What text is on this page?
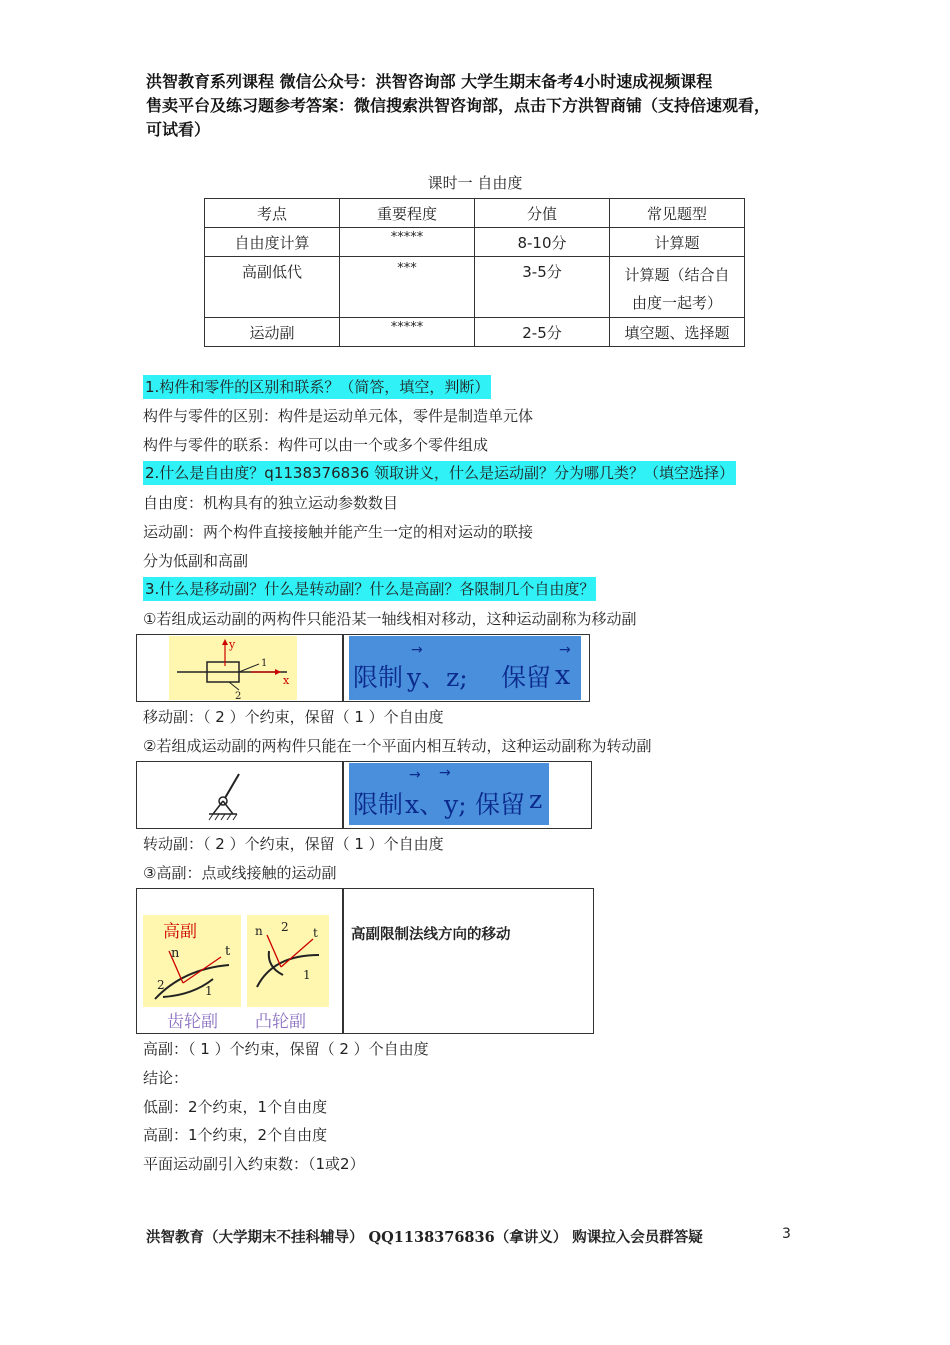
洪智教育系列课程 微信公众号：洪智咨询部 大学生期末备考4小时速成视频课程
售卖平台及练习题参考答案：微信搜索洪智咨询部，点击下方洪智商铺（支持倍速观看，
可试看）
课时一 自由度
考点	重要程度	分值	常见题型
自由度计算	*****	8-10分	计算题
高副低代	***	3-5分	计算题（结合自
由度一起考）

运动副	*****	2-5分	填空题、选择题
1.构件和零件的区别和联系？（简答，填空，判断）
构件与零件的区别：构件是运动单元体，零件是制造单元体
构件与零件的联系：构件可以由一个或多个零件组成
2.什么是自由度？q1138376836 领取讲义，什么是运动副？分为哪几类？（填空选择）
自由度：机构具有的独立运动参数数目
运动副：两个构件直接接触并能产生一定的相对运动的联接
分为低副和高副
3.什么是移动副？什么是转动副？什么是高副？各限制几个自由度？
①若组成运动副的两构件只能沿某一轴线相对移动，这种运动副称为移动副
y
x
1
2
限制
→
y、z; 保留
→
x
移动副：（ 2 ）个约束，保留（ 1 ）个自由度
②若组成运动副的两构件只能在一个平面内相互转动，这种运动副称为转动副
限制
→ →
x、y; 保留 z
转动副：（ 2 ）个约束，保留（ 1 ）个自由度
③高副：点或线接触的运动副
高副
n	t
2	1
n 2 t
1
齿轮副 凸轮副
高副限制法线方向的移动
高副：（ 1 ）个约束，保留（ 2 ）个自由度
结论：
低副：2个约束，1个自由度
高副：1个约束，2个自由度
平面运动副引入约束数：（1或2）
洪智教育（大学期末不挂科辅导） QQ1138376836（拿讲义） 购课拉入会员群答疑	3
